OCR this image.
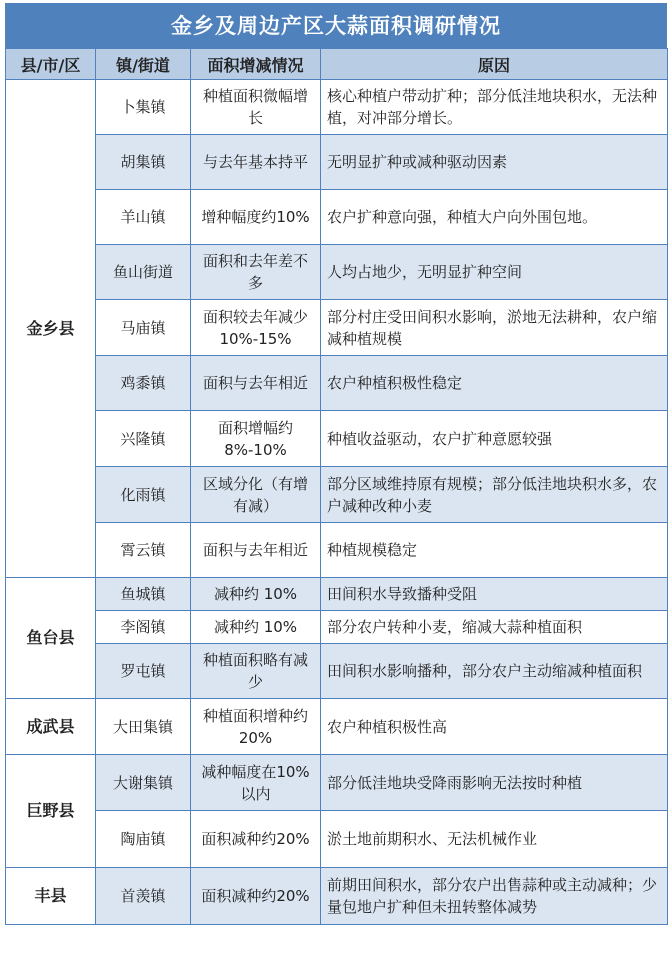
金乡及周边产区大蒜面积调研情况
县/市/区	镇/街道	面积增减情况	原因
金乡县	卜集镇	种植面积微幅增长	核心种植户带动扩种；部分低洼地块积水，无法种植，对冲部分增长。
	胡集镇	与去年基本持平	无明显扩种或减种驱动因素
	羊山镇	增种幅度约10%	农户扩种意向强，种植大户向外围包地。
	鱼山街道	面积和去年差不多	人均占地少，无明显扩种空间
	马庙镇	面积较去年减少 10%-15%	部分村庄受田间积水影响，淤地无法耕种，农户缩减种植规模
	鸡黍镇	面积与去年相近	农户种植积极性稳定
	兴隆镇	面积增幅约8%-10%	种植收益驱动，农户扩种意愿较强
	化雨镇	区域分化（有增有减）	部分区域维持原有规模；部分低洼地块积水多，农户减种改种小麦
	霄云镇	面积与去年相近	种植规模稳定
鱼台县	鱼城镇	减种约 10%	田间积水导致播种受阻
	李阁镇	减种约 10%	部分农户转种小麦，缩减大蒜种植面积
	罗屯镇	种植面积略有减少	田间积水影响播种，部分农户主动缩减种植面积
成武县	大田集镇	种植面积增种约 20%	农户种植积极性高
巨野县	大谢集镇	减种幅度在10%以内	部分低洼地块受降雨影响无法按时种植
	陶庙镇	面积减种约20%	淤土地前期积水、无法机械作业
丰县	首羡镇	面积减种约20%	前期田间积水，部分农户出售蒜种或主动减种；少量包地户扩种但未扭转整体减势
